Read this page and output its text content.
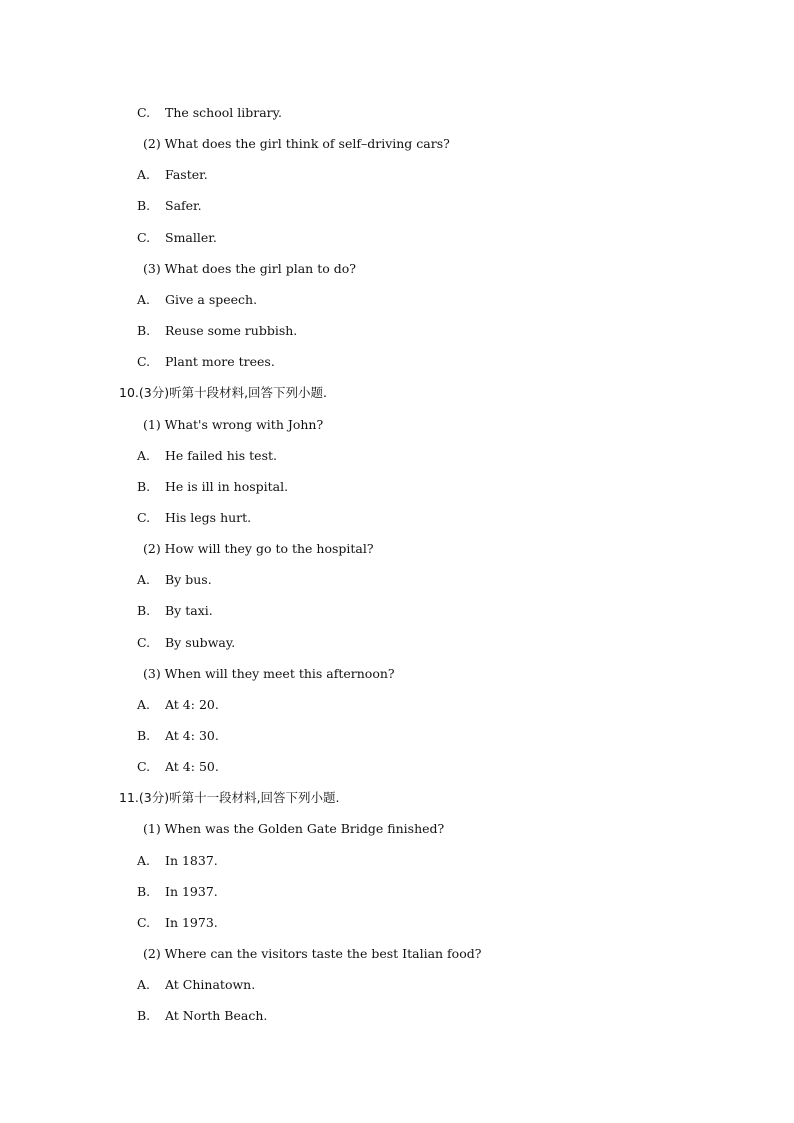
C. The school library.
(2) What does the girl think of self–driving cars?
A. Faster.
B. Safer.
C. Smaller.
(3) What does the girl plan to do?
A. Give a speech.
B. Reuse some rubbish.
C. Plant more trees.
10.(3分)听第十段材料,回答下列小题.
(1) What's wrong with John?
A. He failed his test.
B. He is ill in hospital.
C. His legs hurt.
(2) How will they go to the hospital?
A. By bus.
B. By taxi.
C. By subway.
(3) When will they meet this afternoon?
A. At 4: 20.
B. At 4: 30.
C. At 4: 50.
11.(3分)听第十一段材料,回答下列小题.
(1) When was the Golden Gate Bridge finished?
A. In 1837.
B. In 1937.
C. In 1973.
(2) Where can the visitors taste the best Italian food?
A. At Chinatown.
B. At North Beach.
